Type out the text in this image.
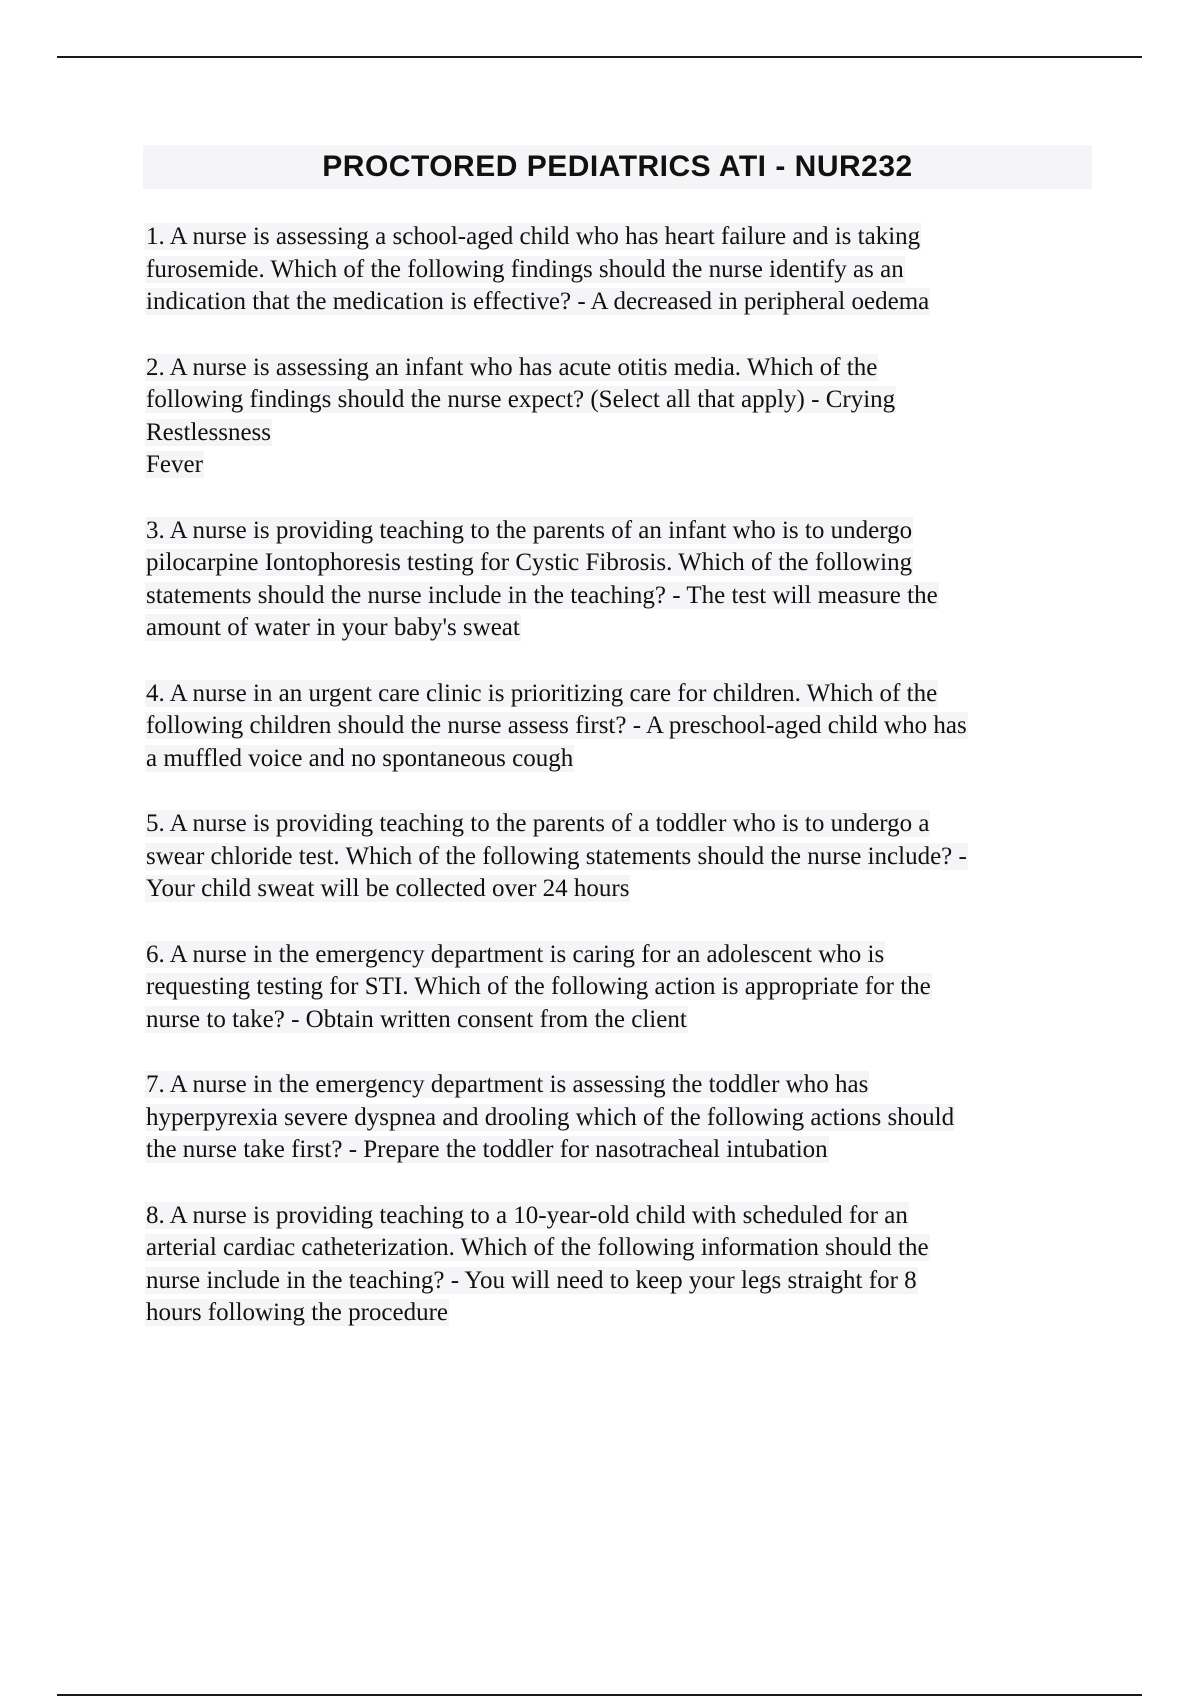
PROCTORED PEDIATRICS ATI - NUR232
1. A nurse is assessing a school-aged child who has heart failure and is taking
furosemide. Which of the following findings should the nurse identify as an
indication that the medication is effective? - A decreased in peripheral oedema
2. A nurse is assessing an infant who has acute otitis media. Which of the
following findings should the nurse expect? (Select all that apply) - Crying
Restlessness
Fever
3. A nurse is providing teaching to the parents of an infant who is to undergo
pilocarpine Iontophoresis testing for Cystic Fibrosis. Which of the following
statements should the nurse include in the teaching? - The test will measure the
amount of water in your baby's sweat
4. A nurse in an urgent care clinic is prioritizing care for children. Which of the
following children should the nurse assess first? - A preschool-aged child who has
a muffled voice and no spontaneous cough
5. A nurse is providing teaching to the parents of a toddler who is to undergo a
swear chloride test. Which of the following statements should the nurse include? -
Your child sweat will be collected over 24 hours
6. A nurse in the emergency department is caring for an adolescent who is
requesting testing for STI. Which of the following action is appropriate for the
nurse to take? - Obtain written consent from the client
7. A nurse in the emergency department is assessing the toddler who has
hyperpyrexia severe dyspnea and drooling which of the following actions should
the nurse take first? - Prepare the toddler for nasotracheal intubation
8. A nurse is providing teaching to a 10-year-old child with scheduled for an
arterial cardiac catheterization. Which of the following information should the
nurse include in the teaching? - You will need to keep your legs straight for 8
hours following the procedure
